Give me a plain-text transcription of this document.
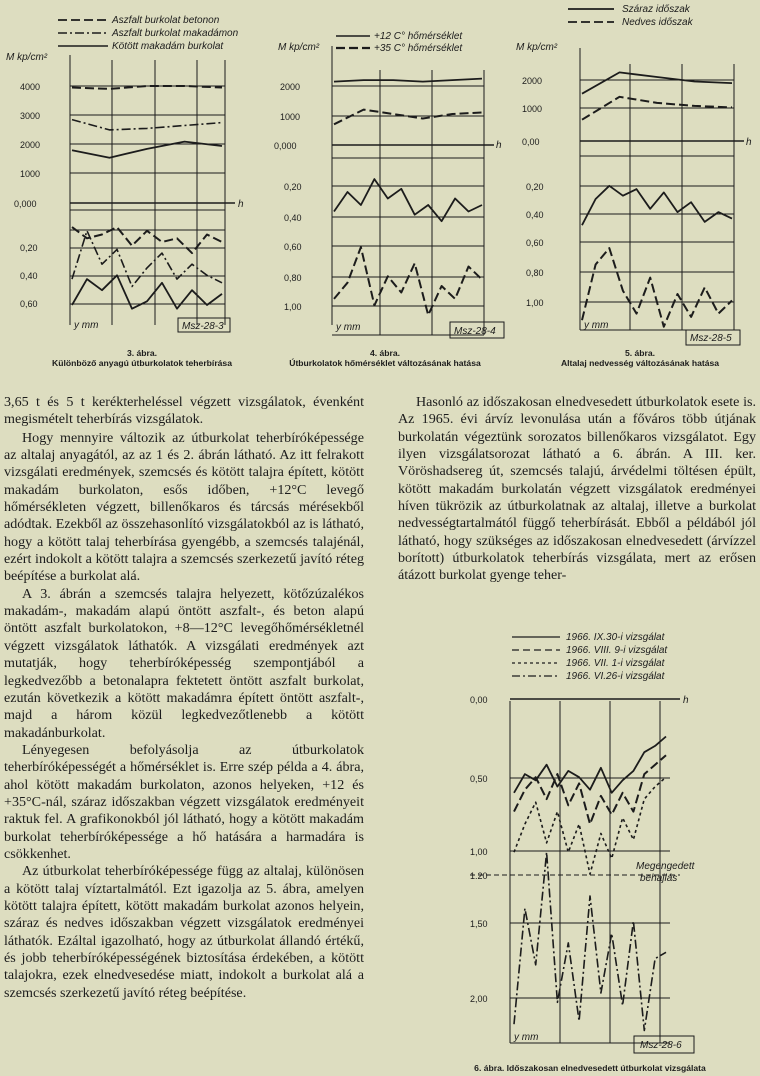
Aszfalt burkolat betonon
Aszfalt burkolat makadámon
Kötött makadám burkolat
M kp/cm²
h
4000
3000
2000
1000
0,000
0,20
0,40
0,60
y mm	Msz-28-3
3. ábra.
Különböző anyagú útburkolatok teherbírása
+12 C° hőmérséklet
+35 C° hőmérséklet
M kp/cm²
h
2000
1000
0,000
0,20
0,40
0,60
0,80
1,00
y mm	Msz-28-4
4. ábra.
Útburkolatok hőmérséklet változásának hatása
Száraz időszak
Nedves időszak
M kp/cm²
h
2000
1000
0,00
0,20
0,40
0,60
0,80
1,00
y mm
Msz-28-5
5. ábra.
Altalaj nedvesség változásának hatása

3,65 t és 5 t kerékterheléssel végzett vizsgálatok, évenként megismételt teherbírás vizsgálatok.

Hogy mennyire változik az útburkolat teherbíróképessége az altalaj anyagától, az az 1 és 2. ábrán látható. Az itt felrakott vizsgálati eredmények, szemcsés és kötött talajra épített, kötött makadám burkolaton, esős időben, +12°C levegő hőmérsékleten végzett, billenőkaros és tárcsás mérésekből adódtak. Ezekből az összehasonlító vizsgálatokból az is látható, hogy a kötött talaj teherbírása gyengébb, a szemcsés talajénál, ezért indokolt a kötött talajra a szemcsés szerkezetű javító réteg beépítése a burkolat alá.

A 3. ábrán a szemcsés talajra helyezett, kötőzúzalékos makadám-, makadám alapú öntött aszfalt-, és beton alapú öntött aszfalt burkolatokon, +8—12°C levegőhőmérsékletnél végzett vizsgálatok láthatók. A vizsgálati eredmények azt mutatják, hogy teherbíróképesség szempontjából a legkedvezőbb a betonalapra fektetett öntött aszfalt burkolat, ezután következik a kötött makadámra épített öntött aszfalt-, majd a három közül legkedvezőtlenebb a kötött makadánburkolat.

Lényegesen befolyásolja az útburkolatok teherbíróképességét a hőmérséklet is. Erre szép példa a 4. ábra, ahol kötött makadám burkolaton, azonos helyeken, +12 és +35°C-nál, száraz időszakban végzett vizsgálatok eredményeit raktuk fel. A grafikonokból jól látható, hogy a kötött makadám burkolat teherbíróképessége a hő hatására a harmadára is csökkenhet.

Az útburkolat teherbíróképessége függ az altalaj, különösen a kötött talaj víztartalmától. Ezt igazolja az 5. ábra, amelyen kötött talajra épített, kötött makadám burkolat azonos helyein, száraz és nedves időszakban végzett vizsgálatok eredményei láthatók. Ezáltal igazolható, hogy az útburkolat állandó értékű, és jobb teherbíróképességének biztosítása érdekében, a kötött talajokra, ezek elnedvesedése miatt, indokolt a burkolat alá a szemcsés szerkezetű javító réteg beépítése.

Hasonló az időszakosan elnedvesedett útburkolatok esete is. Az 1965. évi árvíz levonulása után a főváros több útjának burkolatán végeztünk sorozatos billenőkaros vizsgálatot. Egy ilyen vizsgálatsorozat látható a 6. ábrán. A III. ker. Vöröshadsereg út, szemcsés talajú, árvédelmi töltésen épült, kötött makadám burkolatán végzett vizsgálatok eredményei híven tükrözik az útburkolatnak az altalaj, illetve a burkolat nedvességtartalmától függő teherbírását. Ebből a példából jól látható, hogy szükséges az időszakosan elnedvesedett (árvízzel borított) útburkolatok teherbírás vizsgálata, mert az erősen átázott burkolat gyenge teher-

1966. IX.30-i vizsgálat
1966. VIII. 9-i vizsgálat
1966. VII. 1-i vizsgálat
1966. VI.26-i vizsgálat
h
0,00
0,50
1,00
1.20
1,50
2,00
Megengedett
behajlás
y mm
Msz-28-6
6. ábra. Időszakosan elnedvesedett útburkolat vizsgálata
